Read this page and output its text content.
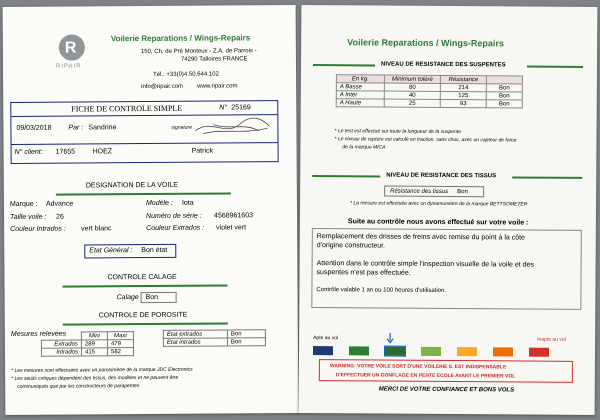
R
RIPAIR
Voilerie Reparations / Wings-Repairs
150, Ch. de Pré Monteux - Z.A. de Parrois -
74290 Talloires FRANCE
Tél.: +33(0)4.50.644.102
info@ripair.com www.ripair.com
FICHE DE CONTROLE SIMPLE	N° 25169
09/03/2018 Par : Sandrine	signature
N° client: 17655 HOEZ	Patrick
DESIGNATION DE LA VOILE
Marque : Advance	Modèle : Iota
Taille voile : 26	Numéro de série : 4568961603
Couleur Intrados : vert blanc	Couleur Extrados : violet vert
Etat Général : Bon état
CONTROLE CALAGE
Calage Bon
CONTROLE DE POROSITE
Mesures relevées
		Mini	Maxi
Extrados	289	479
Intrados	415	582
Etat extrados	Bon
Etat intrados	Bon
* Les mesures sont effectuées avec un porosimètre de la marque JDC Electronics
* Les seuils critiques dépendent des tissus, des modèles et ne peuvent être
communiqués que par les constructeurs de parapentes
Voilerie Reparations / Wings-Repairs
NIVEAU DE RESISTANCE DES SUSPENTES
En kg.	Minimum toléré	Résistance	
A Basse	80	214	Bon
A Inter	40	125	Bon
A Haute	25	93	Bon
* Le test est effectué sur toute la longueur de la suspente
* Le niveau de rupture est calculé en traction, sans choc, avec un capteur de force
de la marque MICA
NIVEAU DE RESISTANCE DES TISSUS
Résistance des tissus Bon
* La mesure est effectuée avec un dynamomètre de la marque BETTSOMETER
Suite au contrôle nous avons effectué sur votre voile :
Remplacement des drisses de freins avec remise du point à la côte
d'origine constructeur.
Attention dans le contrôle simple l'inspection visuelle de la voile et des
suspentes n'est pas effectuée.
Contrôle valable 1 an ou 100 heures d'utilisation.
Apte au vol	Inapte au vol
WARNING: VOTRE VOILE SORT D'UNE VOILERIE IL EST INDISPENSABLE
D'EFFECTUER UN GONFLAGE EN PENTE ECOLE AVANT LE PREMIER VOL
MERCI DE VOTRE CONFIANCE ET BONS VOLS
